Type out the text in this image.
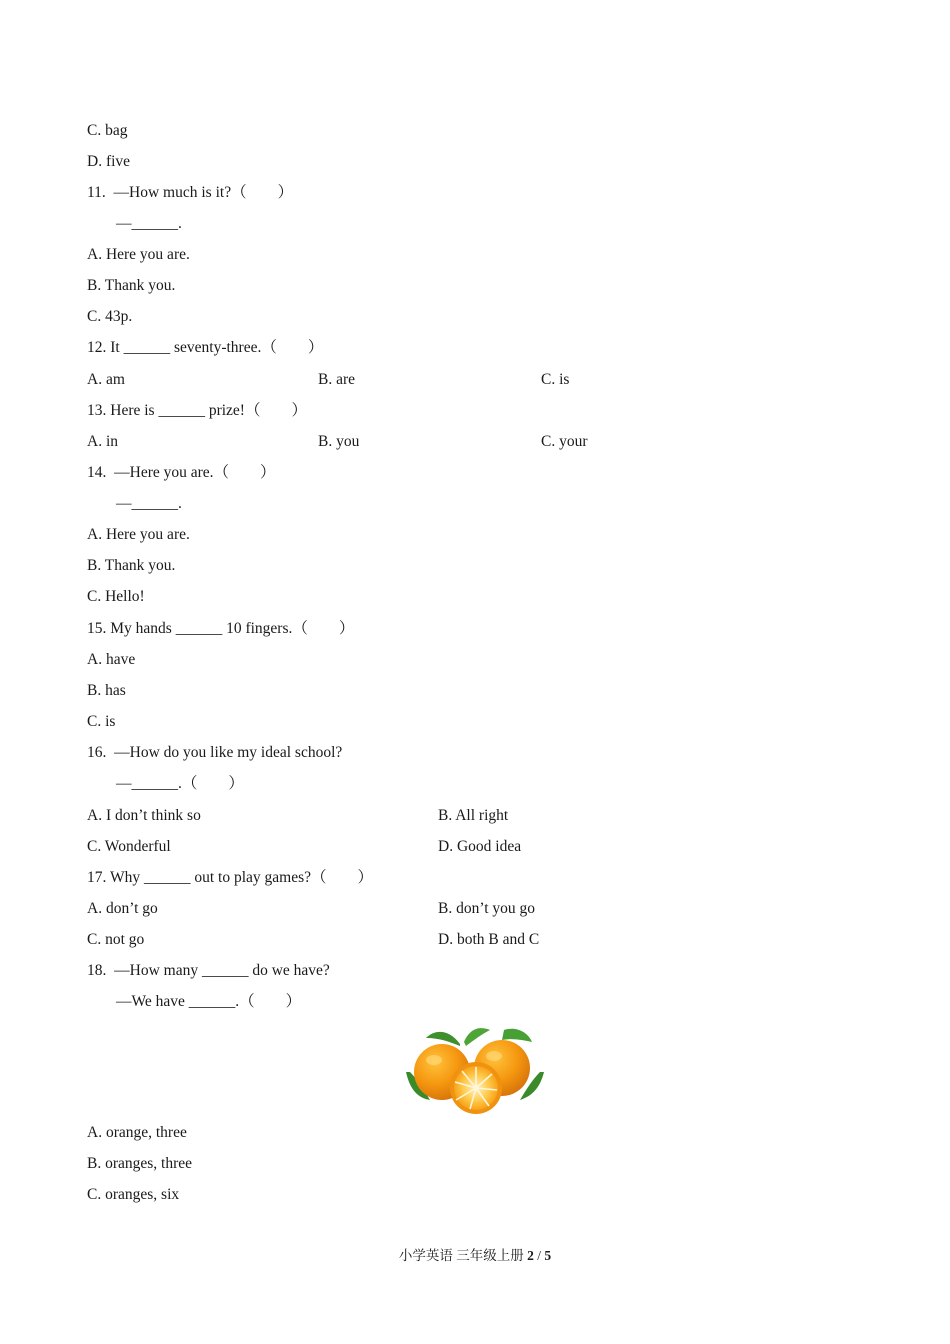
C. bag
D. five
11.  —How much is it?（　　）
—______.
A. Here you are.
B. Thank you.
C. 43p.
12. It ______ seventy-three.（　　）
A. am	B. are	C. is
13. Here is ______ prize!（　　）
A. in	B. you	C. your
14.  —Here you are.（　　）
—______.
A. Here you are.
B. Thank you.
C. Hello!
15. My hands ______ 10 fingers.（　　）
A. have
B. has
C. is
16.  —How do you like my ideal school?
—______.（　　）
A. I don’t think so	B. All right
C. Wonderful	D. Good idea
17. Why ______ out to play games?（　　）
A. don’t go	B. don’t you go
C. not go	D. both B and C
18.  —How many ______ do we have?
—We have ______.（　　）
A. orange, three
B. oranges, three
C. oranges, six
小学英语 三年级上册 2 / 5
